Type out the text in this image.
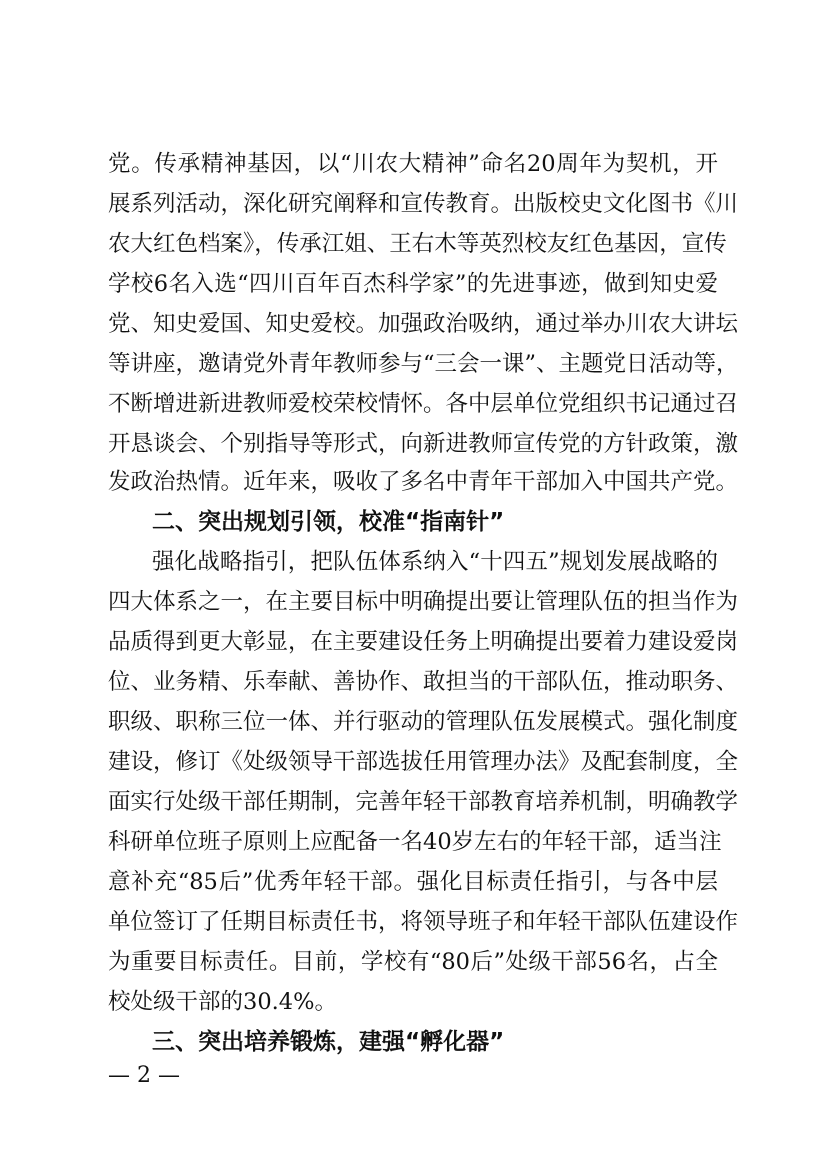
党。传承精神基因，以“川农大精神”命名20周年为契机，开
展系列活动，深化研究阐释和宣传教育。出版校史文化图书《川
农大红色档案》，传承江姐、王右木等英烈校友红色基因，宣传
学校6名入选“四川百年百杰科学家”的先进事迹，做到知史爱
党、知史爱国、知史爱校。加强政治吸纳，通过举办川农大讲坛
等讲座，邀请党外青年教师参与“三会一课”、主题党日活动等，
不断增进新进教师爱校荣校情怀。各中层单位党组织书记通过召
开恳谈会、个别指导等形式，向新进教师宣传党的方针政策，激
发政治热情。近年来，吸收了多名中青年干部加入中国共产党。
二、突出规划引领，校准“指南针”
强化战略指引，把队伍体系纳入“十四五”规划发展战略的
四大体系之一，在主要目标中明确提出要让管理队伍的担当作为
品质得到更大彰显，在主要建设任务上明确提出要着力建设爱岗
位、业务精、乐奉献、善协作、敢担当的干部队伍，推动职务、
职级、职称三位一体、并行驱动的管理队伍发展模式。强化制度
建设，修订《处级领导干部选拔任用管理办法》及配套制度，全
面实行处级干部任期制，完善年轻干部教育培养机制，明确教学
科研单位班子原则上应配备一名40岁左右的年轻干部，适当注
意补充“85后”优秀年轻干部。强化目标责任指引，与各中层
单位签订了任期目标责任书，将领导班子和年轻干部队伍建设作
为重要目标责任。目前，学校有“80后”处级干部56名，占全
校处级干部的30.4%。
三、突出培养锻炼，建强“孵化器”
— 2 —
